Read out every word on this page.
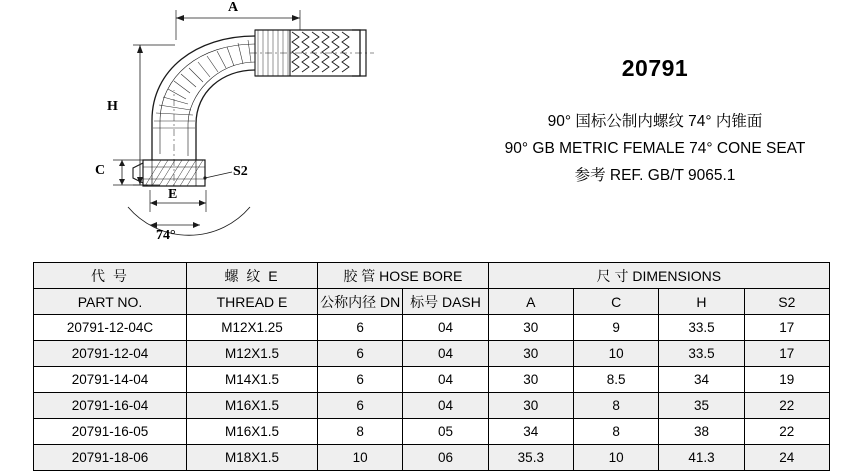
A
H
C
E
S2
74°
20791
90° 国标公制内螺纹 74° 内锥面
90° GB METRIC FEMALE 74° CONE SEAT
参考 REF. GB/T 9065.1
代 号	螺 纹 E	胶 管 HOSE BORE		尺 寸 DIMENSIONS			
PART NO.	THREAD E	公称内径 DN	标号 DASH	A	C	H	S2
20791-12-04C	M12X1.25	6	04	30	9	33.5	17
20791-12-04	M12X1.5	6	04	30	10	33.5	17
20791-14-04	M14X1.5	6	04	30	8.5	34	19
20791-16-04	M16X1.5	6	04	30	8	35	22
20791-16-05	M16X1.5	8	05	34	8	38	22
20791-18-06	M18X1.5	10	06	35.3	10	41.3	24
